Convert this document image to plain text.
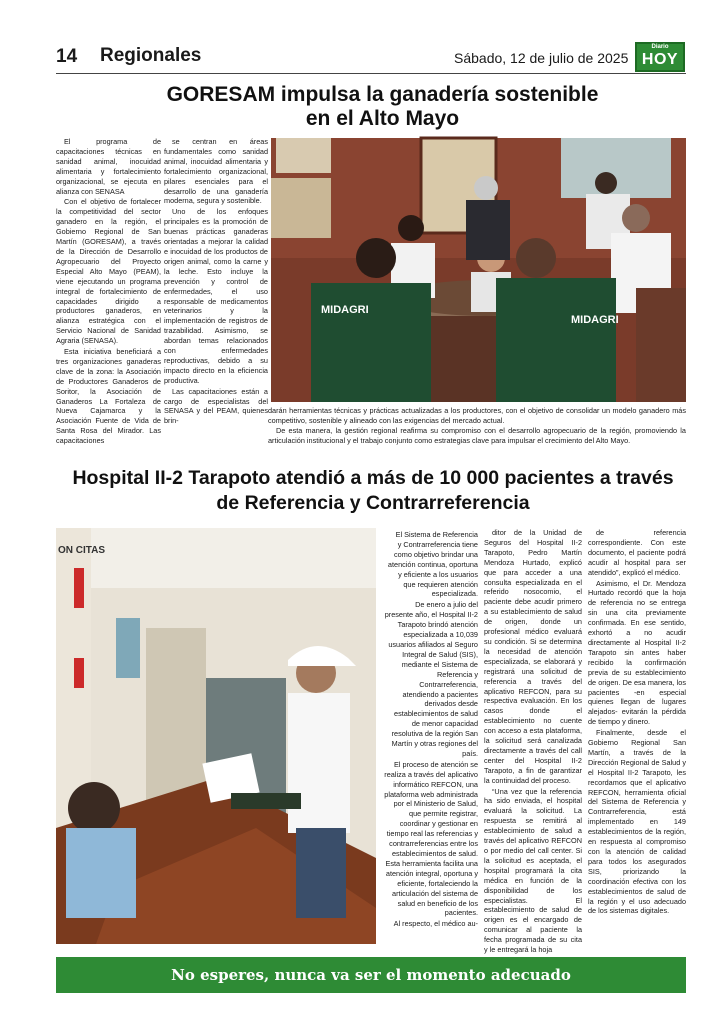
14 Regionales	Sábado, 12 de julio de 2025
Diario
HOY
GORESAM impulsa la ganadería sostenible en el Alto Mayo

El programa de capacitaciones técnicas en sanidad animal, inocuidad alimentaria y fortalecimiento organizacional, se ejecuta en alianza con SENASA

Con el objetivo de fortalecer la competitividad del sector ganadero en la región, el Gobierno Regional de San Martín (GORESAM), a través de la Dirección de Desarrollo Agropecuario del Proyecto Especial Alto Mayo (PEAM), viene ejecutando un programa integral de fortalecimiento de capacidades dirigido a productores ganaderos, en alianza estratégica con el Servicio Nacional de Sanidad Agraria (SENASA).

Esta iniciativa beneficiará a tres organizaciones ganaderas clave de la zona: la Asociación de Productores Ganaderos de Soritor, la Asociación de Ganaderos La Fortaleza de Nueva Cajamarca y la Asociación Fuente de Vida de Santa Rosa del Mirador. Las capacitaciones

se centran en áreas fundamentales como sanidad animal, inocuidad alimentaria y fortalecimiento organizacional, pilares esenciales para el desarrollo de una ganadería moderna, segura y sostenible.

Uno de los enfoques principales es la promoción de buenas prácticas ganaderas orientadas a mejorar la calidad e inocuidad de los productos de origen animal, como la carne y la leche. Esto incluye la prevención y control de enfermedades, el uso responsable de medicamentos veterinarios y la implementación de registros de trazabilidad. Asimismo, se abordan temas relacionados con enfermedades reproductivas, debido a su impacto directo en la eficiencia productiva.

Las capacitaciones están a cargo de especialistas del SENASA y del PEAM, quienes brin-

MIDAGRI
MIDAGRI

darán herramientas técnicas y prácticas actualizadas a los productores, con el objetivo de consolidar un modelo ganadero más competitivo, sostenible y alineado con las exigencias del mercado actual.

De esta manera, la gestión regional reafirma su compromiso con el desarrollo agropecuario de la región, promoviendo la articulación institucional y el trabajo conjunto como estrategias clave para impulsar el crecimiento del Alto Mayo.

Hospital II-2 Tarapoto atendió a más de 10 000 pacientes a través de Referencia y Contrarreferencia
ON CITAS

El Sistema de Referencia y Contrarreferencia tiene como objetivo brindar una atención continua, oportuna y eficiente a los usuarios que requieren atención especializada.

De enero a julio del presente año, el Hospital II-2 Tarapoto brindó atención especializada a 10,039 usuarios afiliados al Seguro Integral de Salud (SIS), mediante el Sistema de Referencia y Contrarreferencia, atendiendo a pacientes derivados desde establecimientos de salud de menor capacidad resolutiva de la región San Martín y otras regiones del país.

El proceso de atención se realiza a través del aplicativo informático REFCON, una plataforma web administrada por el Ministerio de Salud, que permite registrar, coordinar y gestionar en tiempo real las referencias y contrarreferencias entre los establecimientos de salud. Esta herramienta facilita una atención integral, oportuna y eficiente, fortaleciendo la articulación del sistema de salud en beneficio de los pacientes.

Al respecto, el médico au-

ditor de la Unidad de Seguros del Hospital II-2 Tarapoto, Pedro Martín Mendoza Hurtado, explicó que para acceder a una consulta especializada en el referido nosocomio, el paciente debe acudir primero a su establecimiento de salud de origen, donde un profesional médico evaluará su condición. Si se determina la necesidad de atención especializada, se elaborará y registrará una solicitud de referencia a través del aplicativo REFCON, para su respectiva evaluación. En los casos donde el establecimiento no cuente con acceso a esta plataforma, la solicitud será canalizada directamente a través del call center del Hospital II-2 Tarapoto, a fin de garantizar la continuidad del proceso.

“Una vez que la referencia ha sido enviada, el hospital evaluará la solicitud. La respuesta se remitirá al establecimiento de salud a través del aplicativo REFCON o por medio del call center. Si la solicitud es aceptada, el hospital programará la cita médica en función de la disponibilidad de los especialistas. El establecimiento de salud de origen es el encargado de comunicar al paciente la fecha programada de su cita y le entregará la hoja

de referencia correspondiente. Con este documento, el paciente podrá acudir al hospital para ser atendido”, explicó el médico.

Asimismo, el Dr. Mendoza Hurtado recordó que la hoja de referencia no se entrega sin una cita previamente confirmada. En ese sentido, exhortó a no acudir directamente al Hospital II-2 Tarapoto sin antes haber recibido la confirmación previa de su establecimiento de origen. De esa manera, los pacientes -en especial quienes llegan de lugares alejados- evitarán la pérdida de tiempo y dinero.

Finalmente, desde el Gobierno Regional San Martín, a través de la Dirección Regional de Salud y el Hospital II-2 Tarapoto, les recordamos que el aplicativo REFCON, herramienta oficial del Sistema de Referencia y Contrarreferencia, está implementado en 149 establecimientos de la región, en respuesta al compromiso con la atención de calidad para todos los asegurados SIS, priorizando la coordinación efectiva con los establecimientos de salud de la región y el uso adecuado de los sistemas digitales.

No esperes, nunca va ser el momento adecuado
